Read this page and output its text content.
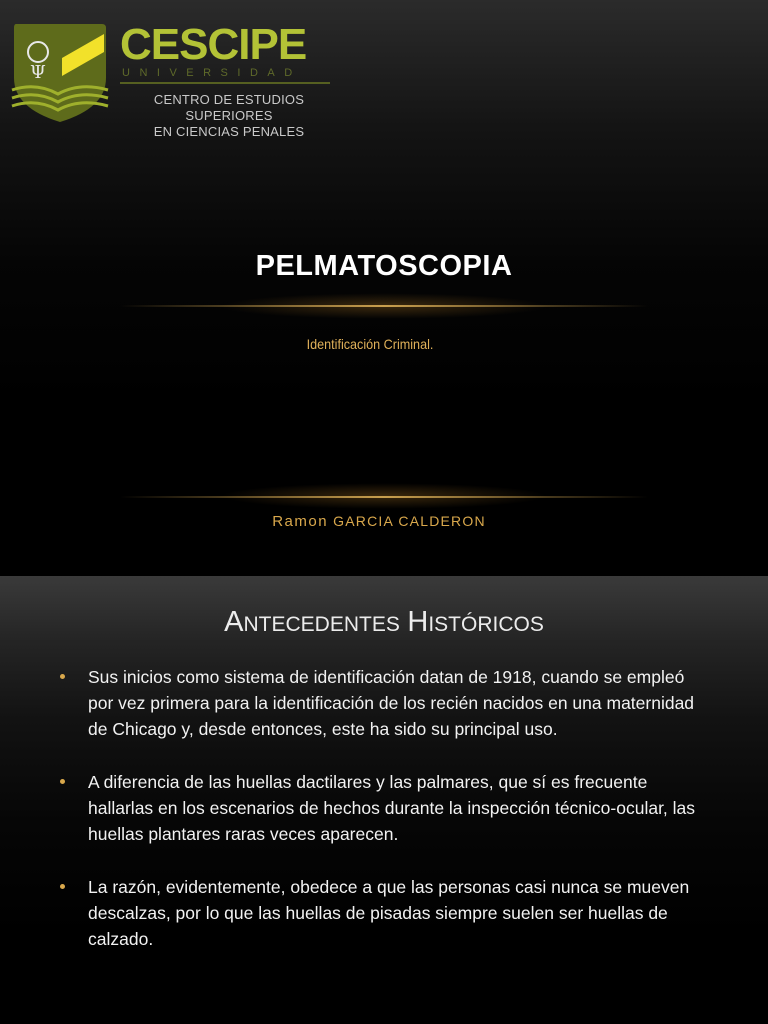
Ψ
CESCIPE
UNIVERSIDAD
CENTRO DE ESTUDIOS SUPERIORES
EN CIENCIAS PENALES
PELMATOSCOPIA
Identificación Criminal.
Ramon GARCIA CALDERON
ANTECEDENTES HISTÓRICOS
Sus inicios como sistema de identificación datan de 1918, cuando se empleó por vez primera para la identificación de los recién nacidos en una maternidad de Chicago y, desde entonces, este ha sido su principal uso.
A diferencia de las huellas dactilares y las palmares, que sí es frecuente hallarlas en los escenarios de hechos durante la inspección técnico-ocular, las huellas plantares raras veces aparecen.
La razón, evidentemente, obedece a que las personas casi nunca se mueven descalzas, por lo que las huellas de pisadas siempre suelen ser huellas de calzado.
